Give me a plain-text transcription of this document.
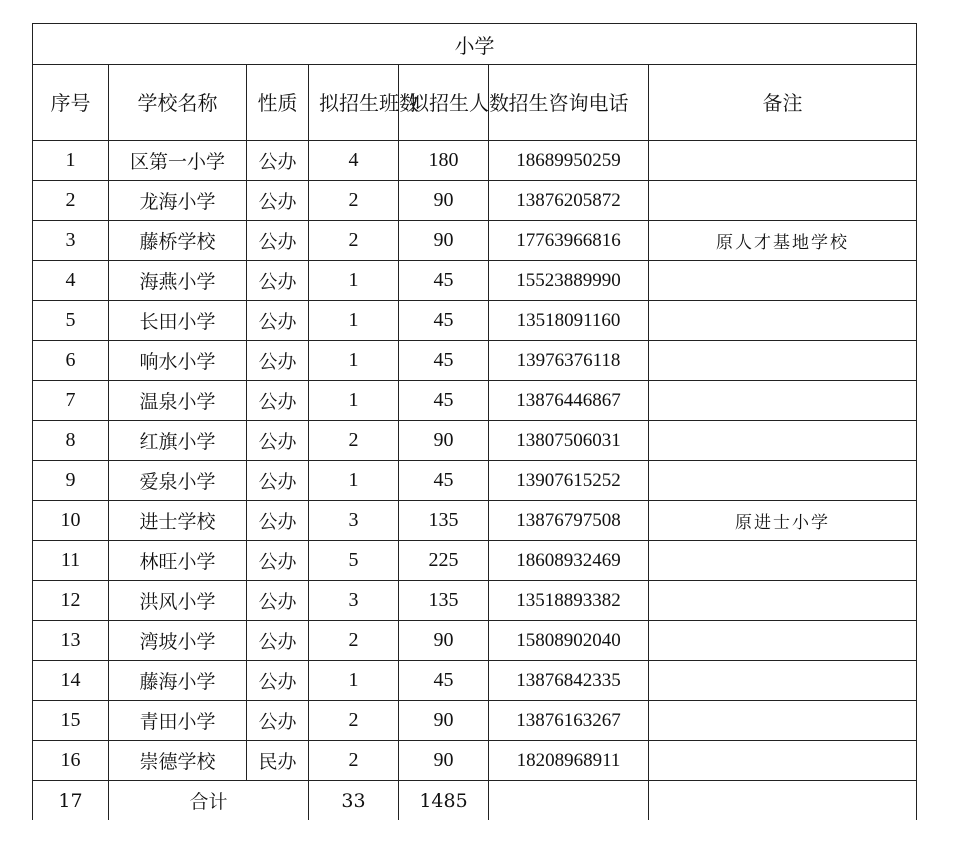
小学						
序号	学校名称	性质	拟招生班数	拟招生人数	招生咨询电话	备注
1	区第一小学	公办	4	180	18689950259	
2	龙海小学	公办	2	90	13876205872	
3	藤桥学校	公办	2	90	17763966816	原人才基地学校
4	海燕小学	公办	1	45	15523889990	
5	长田小学	公办	1	45	13518091160	
6	响水小学	公办	1	45	13976376118	
7	温泉小学	公办	1	45	13876446867	
8	红旗小学	公办	2	90	13807506031	
9	爱泉小学	公办	1	45	13907615252	
10	进士学校	公办	3	135	13876797508	原进士小学
11	林旺小学	公办	5	225	18608932469	
12	洪风小学	公办	3	135	13518893382	
13	湾坡小学	公办	2	90	15808902040	
14	藤海小学	公办	1	45	13876842335	
15	青田小学	公办	2	90	13876163267	
16	崇德学校	民办	2	90	18208968911	
17	合计		33	1485		
